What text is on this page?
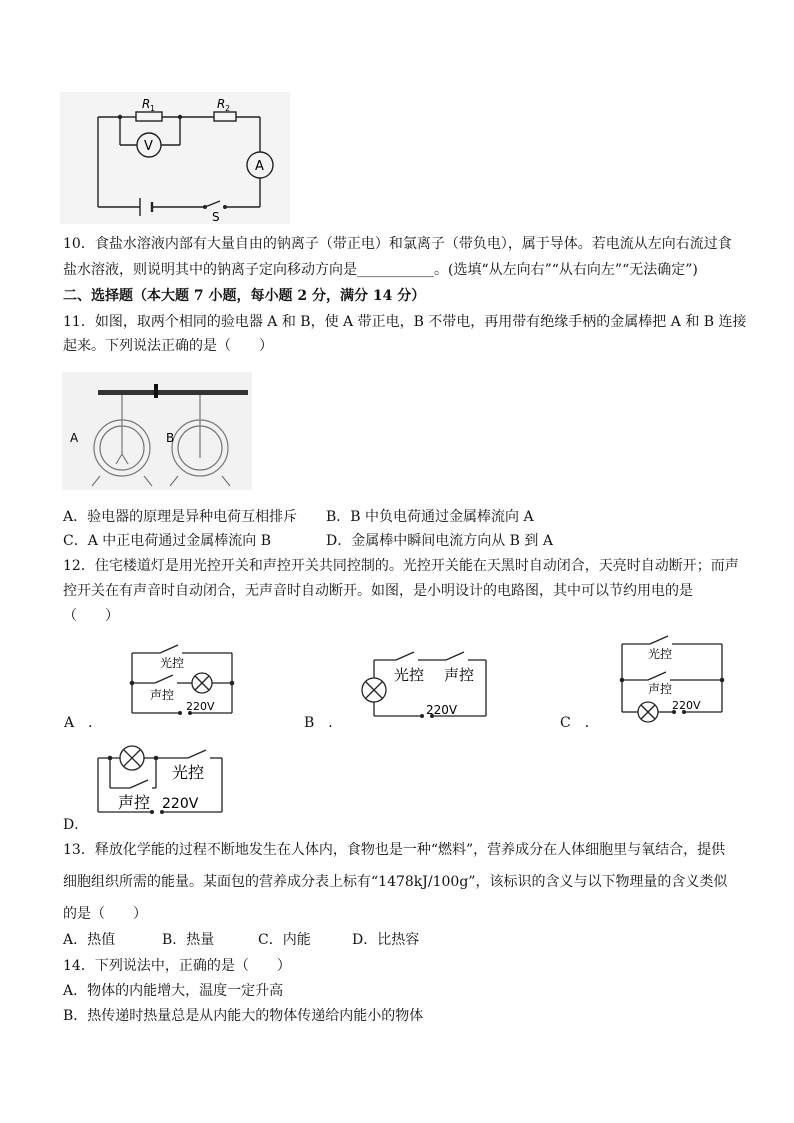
R 1	R 2
V
A
S
10．食盐水溶液内部有大量自由的钠离子（带正电）和氯离子（带负电），属于导体。若电流从左向右流过食
盐水溶液，则说明其中的钠离子定向移动方向是___________。(选填“从左向右”“从右向左”“无法确定”)
二、选择题（本大题 7 小题，每小题 2 分，满分 14 分）
11．如图，取两个相同的验电器 A 和 B，使 A 带正电，B 不带电，再用带有绝缘手柄的金属棒把 A 和 B 连接
起来。下列说法正确的是（　　）
A	B
A．验电器的原理是异种电荷互相排斥 B．B 中负电荷通过金属棒流向 A
C．A 中正电荷通过金属棒流向 B	D．金属棒中瞬间电流方向从 B 到 A
12．住宅楼道灯是用光控开关和声控开关共同控制的。光控开关能在天黑时自动闭合，天亮时自动断开；而声
控开关在有声音时自动闭合，无声音时自动断开。如图，是小明设计的电路图，其中可以节约用电的是
（　　）
光控
声控
220V
A　．
光控 声控
220V
B　．
光控
声控
220V
C　．
光控
声控 220V
D．
13．释放化学能的过程不断地发生在人体内，食物也是一种“燃料”，营养成分在人体细胞里与氧结合，提供
细胞组织所需的能量。某面包的营养成分表上标有“1478kJ/100g”，该标识的含义与以下物理量的含义类似
的是（　　）
A．热值	B．热量	C．内能	D．比热容
14．下列说法中，正确的是（　　）
A．物体的内能增大，温度一定升高
B．热传递时热量总是从内能大的物体传递给内能小的物体
